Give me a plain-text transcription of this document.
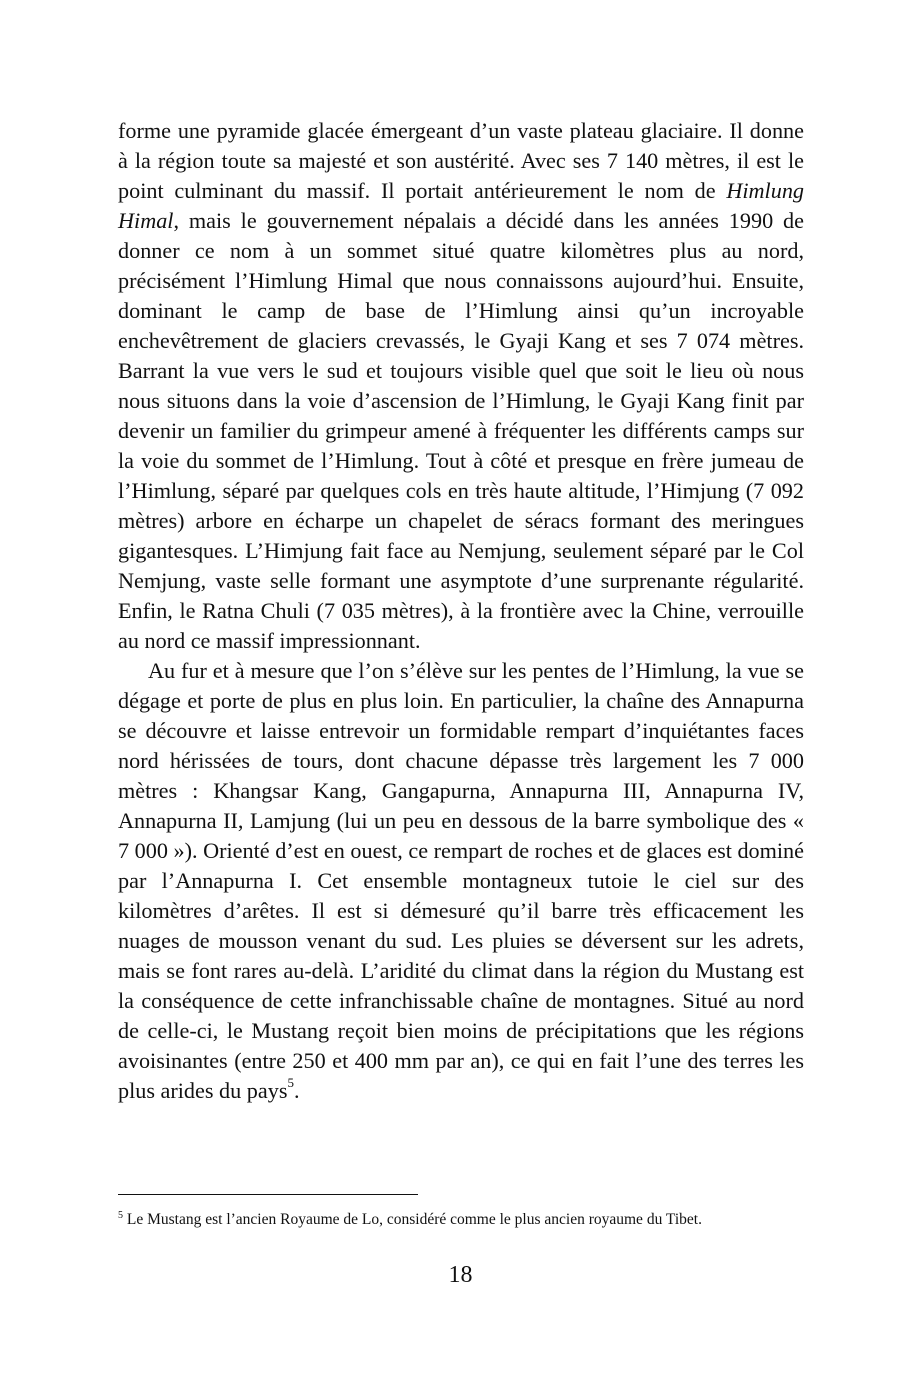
forme une pyramide glacée émergeant d’un vaste plateau glaciaire. Il donne à la région toute sa majesté et son austérité. Avec ses 7 140 mètres, il est le point culminant du massif. Il portait antérieurement le nom de Himlung Himal, mais le gouvernement népalais a décidé dans les années 1990 de donner ce nom à un sommet situé quatre kilomètres plus au nord, précisément l’Himlung Himal que nous connaissons aujourd’hui. Ensuite, dominant le camp de base de l’Himlung ainsi qu’un incroyable enchevêtrement de glaciers crevassés, le Gyaji Kang et ses 7 074 mètres. Barrant la vue vers le sud et toujours visible quel que soit le lieu où nous nous situons dans la voie d’ascension de l’Himlung, le Gyaji Kang finit par devenir un familier du grimpeur amené à fréquenter les différents camps sur la voie du sommet de l’Himlung. Tout à côté et presque en frère jumeau de l’Himlung, séparé par quelques cols en très haute altitude, l’Himjung (7 092 mètres) arbore en écharpe un chapelet de séracs formant des meringues gigantesques. L’Himjung fait face au Nemjung, seulement séparé par le Col Nemjung, vaste selle formant une asymptote d’une surprenante régularité. Enfin, le Ratna Chuli (7 035 mètres), à la frontière avec la Chine, verrouille au nord ce massif impressionnant.

Au fur et à mesure que l’on s’élève sur les pentes de l’Himlung, la vue se dégage et porte de plus en plus loin. En particulier, la chaîne des Annapurna se découvre et laisse entrevoir un formidable rempart d’inquiétantes faces nord hérissées de tours, dont chacune dépasse très largement les 7 000 mètres : Khangsar Kang, Gangapurna, Annapurna III, Annapurna IV, Annapurna II, Lamjung (lui un peu en dessous de la barre symbolique des « 7 000 »). Orienté d’est en ouest, ce rempart de roches et de glaces est dominé par l’Annapurna I. Cet ensemble montagneux tutoie le ciel sur des kilomètres d’arêtes. Il est si démesuré qu’il barre très efficacement les nuages de mousson venant du sud. Les pluies se déversent sur les adrets, mais se font rares au-delà. L’aridité du climat dans la région du Mustang est la conséquence de cette infranchissable chaîne de montagnes. Situé au nord de celle-ci, le Mustang reçoit bien moins de précipitations que les régions avoisinantes (entre 250 et 400 mm par an), ce qui en fait l’une des terres les plus arides du pays$^5$.

$^5$ Le Mustang est l’ancien Royaume de Lo, considéré comme le plus ancien royaume du Tibet.
18
